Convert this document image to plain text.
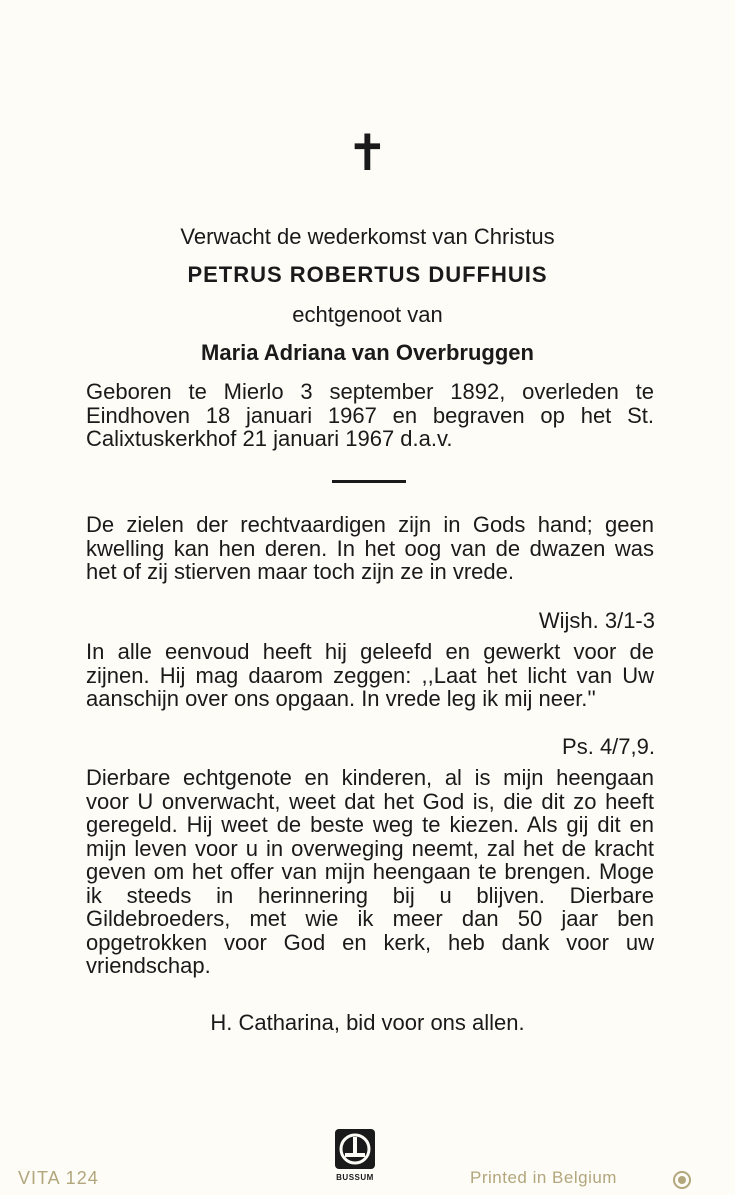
✝
Verwacht de wederkomst van Christus
PETRUS ROBERTUS DUFFHUIS
echtgenoot van
Maria Adriana van Overbruggen
Geboren te Mierlo 3 september 1892, overleden te Eindhoven 18 januari 1967 en begraven op het St. Calixtuskerkhof 21 januari 1967 d.a.v.
De zielen der rechtvaardigen zijn in Gods hand; geen kwelling kan hen deren. In het oog van de dwazen was het of zij stierven maar toch zijn ze in vrede.
Wijsh. 3/1-3
In alle eenvoud heeft hij geleefd en gewerkt voor de zijnen. Hij mag daarom zeggen: ,,Laat het licht van Uw aanschijn over ons opgaan. In vrede leg ik mij neer.''
Ps. 4/7,9.
Dierbare echtgenote en kinderen, al is mijn heengaan voor U onverwacht, weet dat het God is, die dit zo heeft geregeld. Hij weet de beste weg te kiezen. Als gij dit en mijn leven voor u in overweging neemt, zal het de kracht geven om het offer van mijn heengaan te brengen. Moge ik steeds in herinnering bij u blijven. Dierbare Gildebroeders, met wie ik meer dan 50 jaar ben opgetrokken voor God en kerk, heb dank voor uw vriendschap.
H. Catharina, bid voor ons allen.
BUSSUM
VITA 124	Printed in Belgium
